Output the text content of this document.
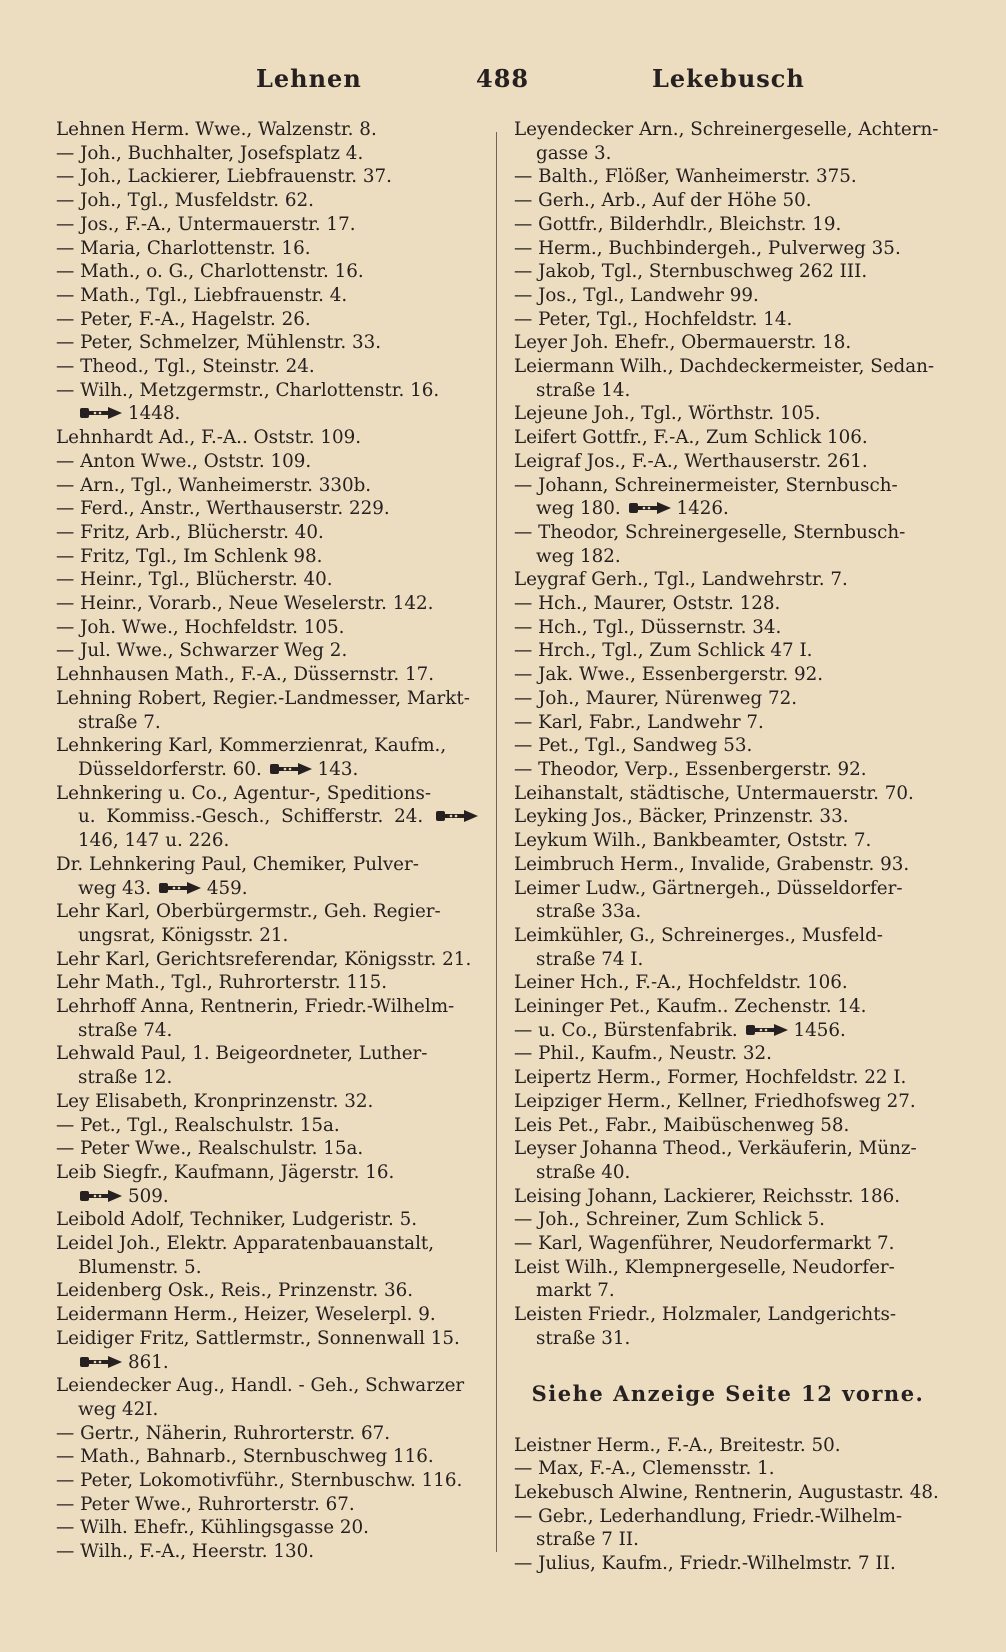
Lehnen	488	Lekebusch
Lehnen Herm. Wwe., Walzenstr. 8.
— Joh., Buchhalter, Josefsplatz 4.
— Joh., Lackierer, Liebfrauenstr. 37.
— Joh., Tgl., Musfeldstr. 62.
— Jos., F.-A., Untermauerstr. 17.
— Maria, Charlottenstr. 16.
— Math., o. G., Charlottenstr. 16.
— Math., Tgl., Liebfrauenstr. 4.
— Peter, F.-A., Hagelstr. 26.
— Peter, Schmelzer, Mühlenstr. 33.
— Theod., Tgl., Steinstr. 24.
— Wilh., Metzgermstr., Charlottenstr. 16.
1448.
Lehnhardt Ad., F.-A.. Oststr. 109.
— Anton Wwe., Oststr. 109.
— Arn., Tgl., Wanheimerstr. 330b.
— Ferd., Anstr., Werthauserstr. 229.
— Fritz, Arb., Blücherstr. 40.
— Fritz, Tgl., Im Schlenk 98.
— Heinr., Tgl., Blücherstr. 40.
— Heinr., Vorarb., Neue Weselerstr. 142.
— Joh. Wwe., Hochfeldstr. 105.
— Jul. Wwe., Schwarzer Weg 2.
Lehnhausen Math., F.-A., Düssernstr. 17.
Lehning Robert, Regier.-Landmesser, Markt-
straße 7.
Lehnkering Karl, Kommerzienrat, Kaufm.,
Düsseldorferstr. 60.	143.
Lehnkering u. Co., Agentur-, Speditions-
u. Kommiss.-Gesch., Schifferstr. 24. 146, 147 u. 226.
Dr. Lehnkering Paul, Chemiker, Pulver-
weg 43.	459.
Lehr Karl, Oberbürgermstr., Geh. Regier-
ungsrat, Königsstr. 21.
Lehr Karl, Gerichtsreferendar, Königsstr. 21.
Lehr Math., Tgl., Ruhrorterstr. 115.
Lehrhoff Anna, Rentnerin, Friedr.-Wilhelm-
straße 74.
Lehwald Paul, 1. Beigeordneter, Luther-
straße 12.
Ley Elisabeth, Kronprinzenstr. 32.
— Pet., Tgl., Realschulstr. 15a.
— Peter Wwe., Realschulstr. 15a.
Leib Siegfr., Kaufmann, Jägerstr. 16.
509.
Leibold Adolf, Techniker, Ludgeristr. 5.
Leidel Joh., Elektr. Apparatenbauanstalt,
Blumenstr. 5.
Leidenberg Osk., Reis., Prinzenstr. 36.
Leidermann Herm., Heizer, Weselerpl. 9.
Leidiger Fritz, Sattlermstr., Sonnenwall 15.
861.
Leiendecker Aug., Handl. - Geh., Schwarzer
weg 42I.
— Gertr., Näherin, Ruhrorterstr. 67.
— Math., Bahnarb., Sternbuschweg 116.
— Peter, Lokomotivführ., Sternbuschw. 116.
— Peter Wwe., Ruhrorterstr. 67.
— Wilh. Ehefr., Kühlingsgasse 20.
— Wilh., F.-A., Heerstr. 130.
Leyendecker Arn., Schreinergeselle, Achtern-
gasse 3.
— Balth., Flößer, Wanheimerstr. 375.
— Gerh., Arb., Auf der Höhe 50.
— Gottfr., Bilderhdlr., Bleichstr. 19.
— Herm., Buchbindergeh., Pulverweg 35.
— Jakob, Tgl., Sternbuschweg 262 III.
— Jos., Tgl., Landwehr 99.
— Peter, Tgl., Hochfeldstr. 14.
Leyer Joh. Ehefr., Obermauerstr. 18.
Leiermann Wilh., Dachdeckermeister, Sedan-
straße 14.
Lejeune Joh., Tgl., Wörthstr. 105.
Leifert Gottfr., F.-A., Zum Schlick 106.
Leigraf Jos., F.-A., Werthauserstr. 261.
— Johann, Schreinermeister, Sternbusch-
weg 180.	1426.
— Theodor, Schreinergeselle, Sternbusch-
weg 182.
Leygraf Gerh., Tgl., Landwehrstr. 7.
— Hch., Maurer, Oststr. 128.
— Hch., Tgl., Düssernstr. 34.
— Hrch., Tgl., Zum Schlick 47 I.
— Jak. Wwe., Essenbergerstr. 92.
— Joh., Maurer, Nürenweg 72.
— Karl, Fabr., Landwehr 7.
— Pet., Tgl., Sandweg 53.
— Theodor, Verp., Essenbergerstr. 92.
Leihanstalt, städtische, Untermauerstr. 70.
Leyking Jos., Bäcker, Prinzenstr. 33.
Leykum Wilh., Bankbeamter, Oststr. 7.
Leimbruch Herm., Invalide, Grabenstr. 93.
Leimer Ludw., Gärtnergeh., Düsseldorfer-
straße 33a.
Leimkühler, G., Schreinerges., Musfeld-
straße 74 I.
Leiner Hch., F.-A., Hochfeldstr. 106.
Leininger Pet., Kaufm.. Zechenstr. 14.
— u. Co., Bürstenfabrik.	1456.
— Phil., Kaufm., Neustr. 32.
Leipertz Herm., Former, Hochfeldstr. 22 I.
Leipziger Herm., Kellner, Friedhofsweg 27.
Leis Pet., Fabr., Maibüschenweg 58.
Leyser Johanna Theod., Verkäuferin, Münz-
straße 40.
Leising Johann, Lackierer, Reichsstr. 186.
— Joh., Schreiner, Zum Schlick 5.
— Karl, Wagenführer, Neudorfermarkt 7.
Leist Wilh., Klempnergeselle, Neudorfer-
markt 7.
Leisten Friedr., Holzmaler, Landgerichts-
straße 31.
Siehe Anzeige Seite 12 vorne.
Leistner Herm., F.-A., Breitestr. 50.
— Max, F.-A., Clemensstr. 1.
Lekebusch Alwine, Rentnerin, Augustastr. 48.
— Gebr., Lederhandlung, Friedr.-Wilhelm-
straße 7 II.
— Julius, Kaufm., Friedr.-Wilhelmstr. 7 II.
